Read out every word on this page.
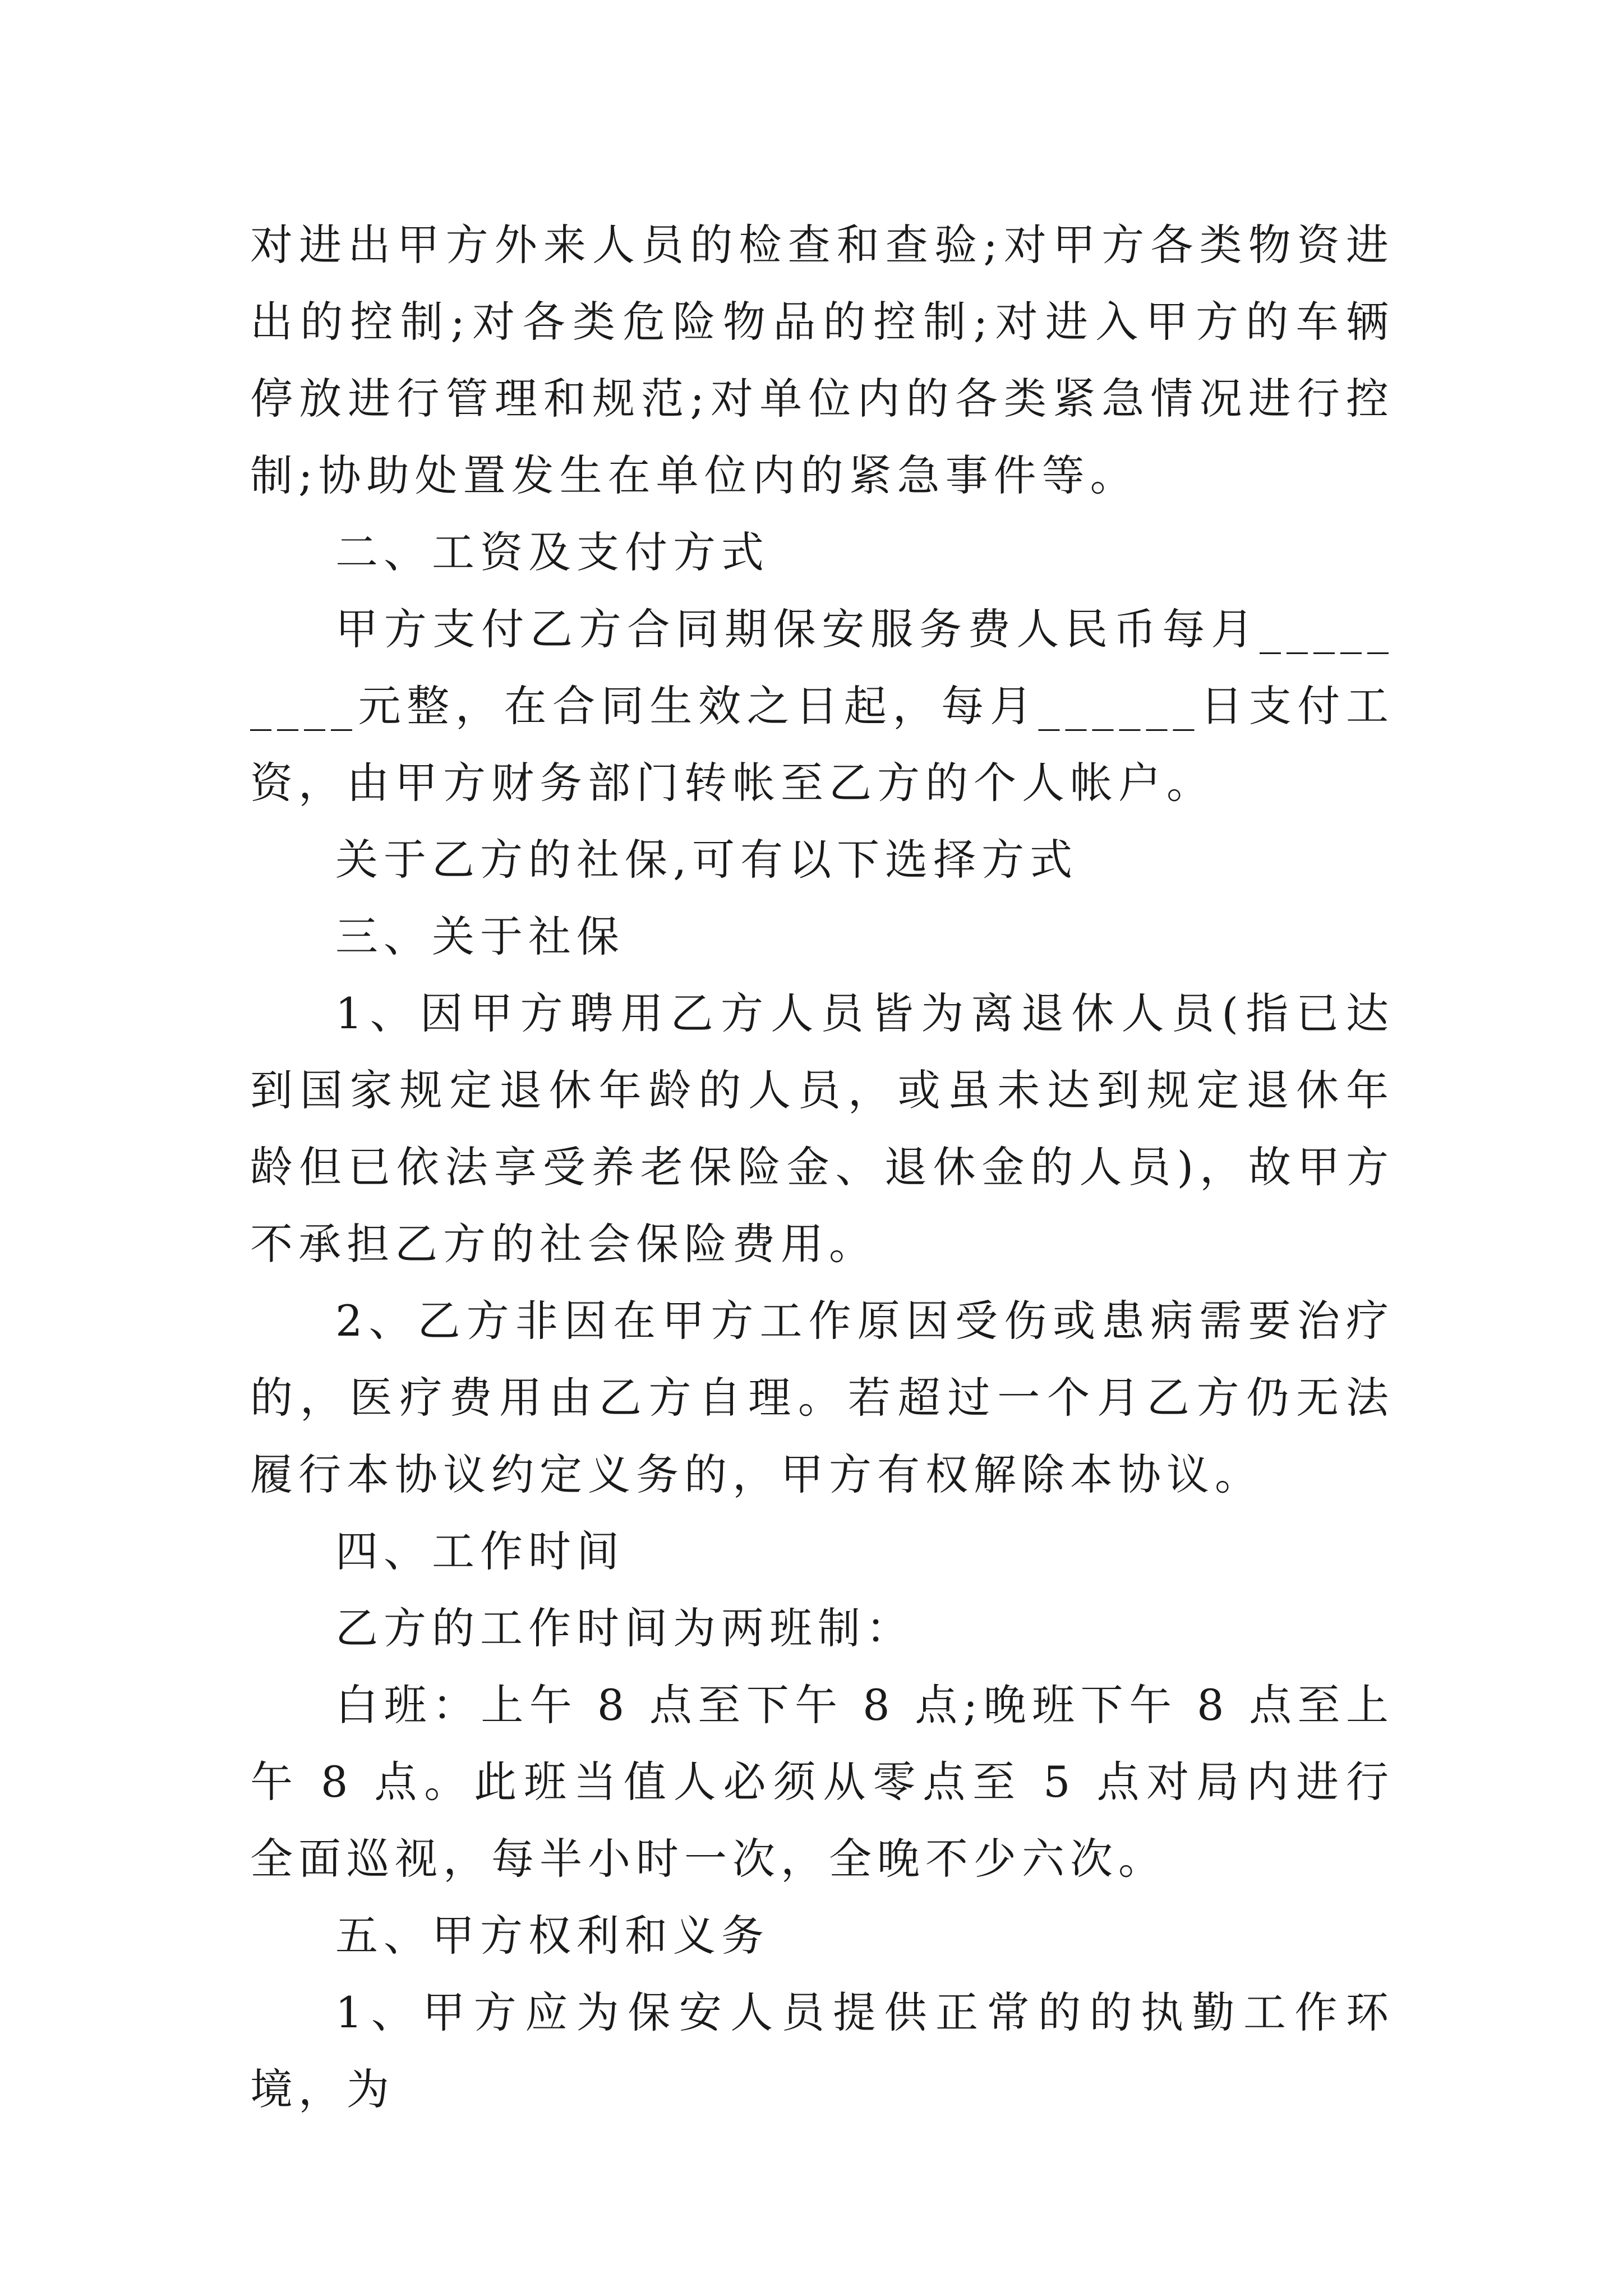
对进出甲方外来人员的检查和查验;对甲方各类物资进出的控制;对各类危险物品的控制;对进入甲方的车辆停放进行管理和规范;对单位内的各类紧急情况进行控制;协助处置发生在单位内的紧急事件等。

二、工资及支付方式

甲方支付乙方合同期保安服务费人民币每月_________元整，在合同生效之日起，每月______日支付工资，由甲方财务部门转帐至乙方的个人帐户。

关于乙方的社保,可有以下选择方式

三、关于社保

1、因甲方聘用乙方人员皆为离退休人员(指已达到国家规定退休年龄的人员，或虽未达到规定退休年龄但已依法享受养老保险金、退休金的人员)，故甲方不承担乙方的社会保险费用。

2、乙方非因在甲方工作原因受伤或患病需要治疗的，医疗费用由乙方自理。若超过一个月乙方仍无法履行本协议约定义务的，甲方有权解除本协议。

四、工作时间

乙方的工作时间为两班制：

白班：上午 8 点至下午 8 点;晚班下午 8 点至上午 8 点。此班当值人必须从零点至 5 点对局内进行全面巡视，每半小时一次，全晚不少六次。

五、甲方权利和义务

1、甲方应为保安人员提供正常的的执勤工作环境，为
